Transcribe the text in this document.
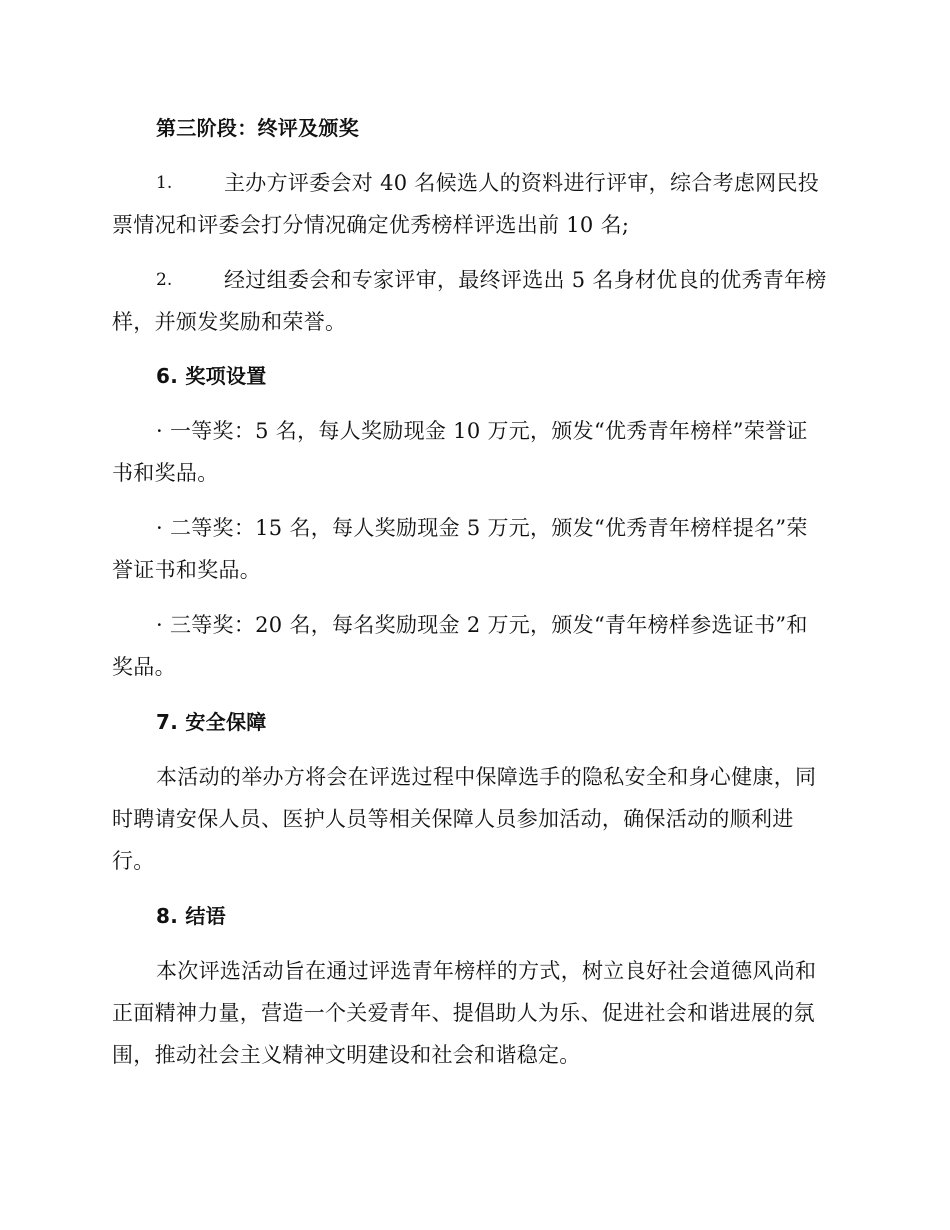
第三阶段：终评及颁奖
1. 主办方评委会对 40 名候选人的资料进行评审，综合考虑网民投
票情况和评委会打分情况确定优秀榜样评选出前 10 名;
2. 经过组委会和专家评审，最终评选出 5 名身材优良的优秀青年榜
样，并颁发奖励和荣誉。
6. 奖项设置
· 一等奖：5 名，每人奖励现金 10 万元，颁发“优秀青年榜样”荣誉证
书和奖品。
· 二等奖：15 名，每人奖励现金 5 万元，颁发“优秀青年榜样提名”荣
誉证书和奖品。
· 三等奖：20 名，每名奖励现金 2 万元，颁发“青年榜样参选证书”和
奖品。
7. 安全保障
本活动的举办方将会在评选过程中保障选手的隐私安全和身心健康，同
时聘请安保人员、医护人员等相关保障人员参加活动，确保活动的顺利进
行。
8. 结语
本次评选活动旨在通过评选青年榜样的方式，树立良好社会道德风尚和
正面精神力量，营造一个关爱青年、提倡助人为乐、促进社会和谐进展的氛
围，推动社会主义精神文明建设和社会和谐稳定。
